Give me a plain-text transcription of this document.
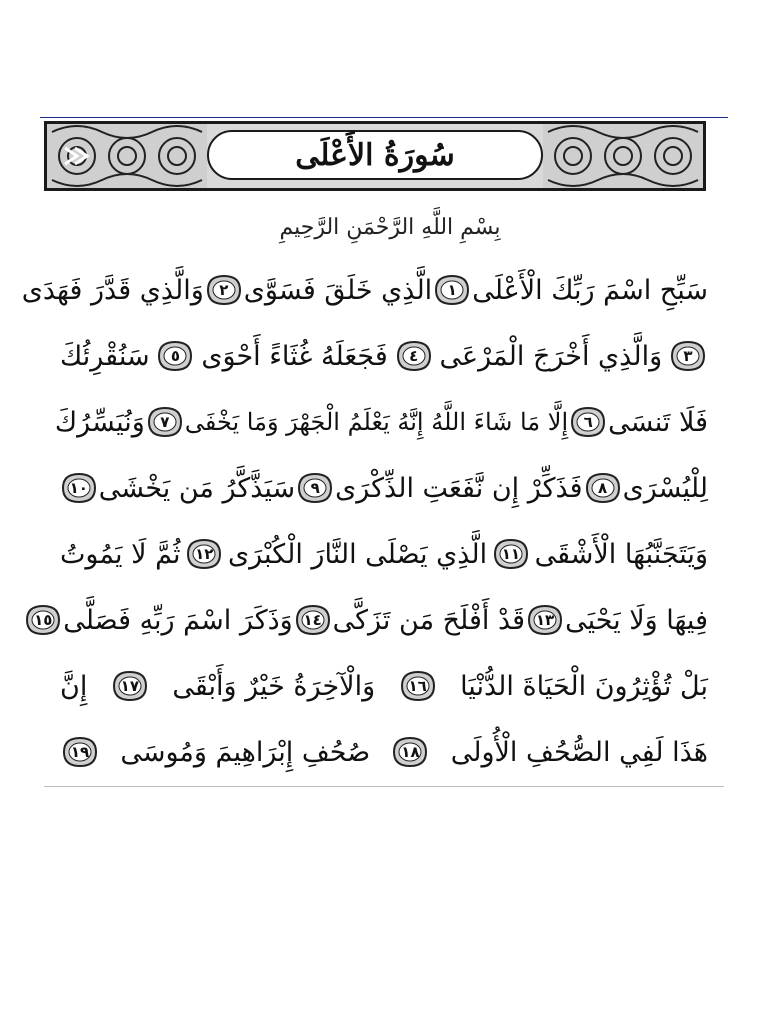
سُورَةُ الأَعْلَى
بِسْمِ اللَّهِ الرَّحْمَنِ الرَّحِيمِ
سَبِّحِ اسْمَ رَبِّكَ الْأَعْلَى
١
الَّذِي خَلَقَ فَسَوَّى
٢
وَالَّذِي قَدَّرَ فَهَدَى
٣
وَالَّذِي أَخْرَجَ الْمَرْعَى
٤
فَجَعَلَهُ غُثَاءً أَحْوَى
٥
سَنُقْرِئُكَ
فَلَا تَنسَى
٦
إِلَّا مَا شَاءَ اللَّهُ إِنَّهُ يَعْلَمُ الْجَهْرَ وَمَا يَخْفَى
٧
وَنُيَسِّرُكَ
لِلْيُسْرَى
٨
فَذَكِّرْ إِن نَّفَعَتِ الذِّكْرَى
٩
سَيَذَّكَّرُ مَن يَخْشَى
١٠
وَيَتَجَنَّبُهَا الْأَشْقَى
١١
الَّذِي يَصْلَى النَّارَ الْكُبْرَى
١٢
ثُمَّ لَا يَمُوتُ
فِيهَا وَلَا يَحْيَى
١٣
قَدْ أَفْلَحَ مَن تَزَكَّى
١٤
وَذَكَرَ اسْمَ رَبِّهِ فَصَلَّى
١٥
بَلْ تُؤْثِرُونَ الْحَيَاةَ الدُّنْيَا
١٦
وَالْآخِرَةُ خَيْرٌ وَأَبْقَى
١٧
إِنَّ
هَذَا لَفِي الصُّحُفِ الْأُولَى
١٨
صُحُفِ إِبْرَاهِيمَ وَمُوسَى
١٩
